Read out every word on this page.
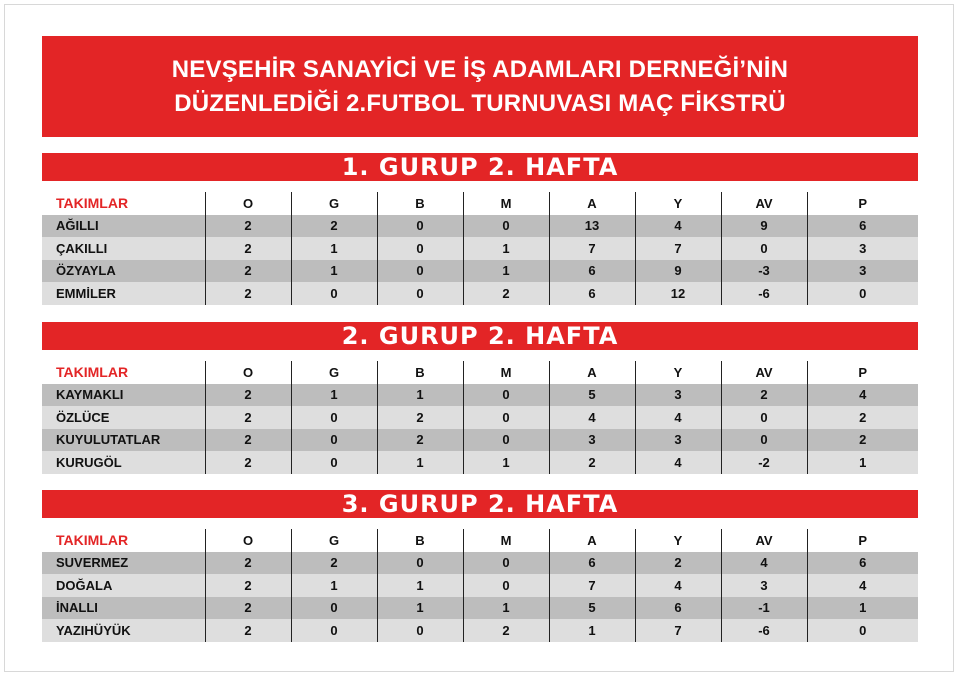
NEVŞEHİR SANAYİCİ VE İŞ ADAMLARI DERNEĞİ’NİN
DÜZENLEDİĞİ 2.FUTBOL TURNUVASI MAÇ FİKSTRÜ
1. GURUP 2. HAFTA
TAKIMLAR	O	G	B	M	A	Y	AV	P
AĞILLI	2	2	0	0	13	4	9	6
ÇAKILLI	2	1	0	1	7	7	0	3
ÖZYAYLA	2	1	0	1	6	9	-3	3
EMMİLER	2	0	0	2	6	12	-6	0
2. GURUP 2. HAFTA
TAKIMLAR	O	G	B	M	A	Y	AV	P
KAYMAKLI	2	1	1	0	5	3	2	4
ÖZLÜCE	2	0	2	0	4	4	0	2
KUYULUTATLAR	2	0	2	0	3	3	0	2
KURUGÖL	2	0	1	1	2	4	-2	1
3. GURUP 2. HAFTA
TAKIMLAR	O	G	B	M	A	Y	AV	P
SUVERMEZ	2	2	0	0	6	2	4	6
DOĞALA	2	1	1	0	7	4	3	4
İNALLI	2	0	1	1	5	6	-1	1
YAZIHÜYÜK	2	0	0	2	1	7	-6	0
